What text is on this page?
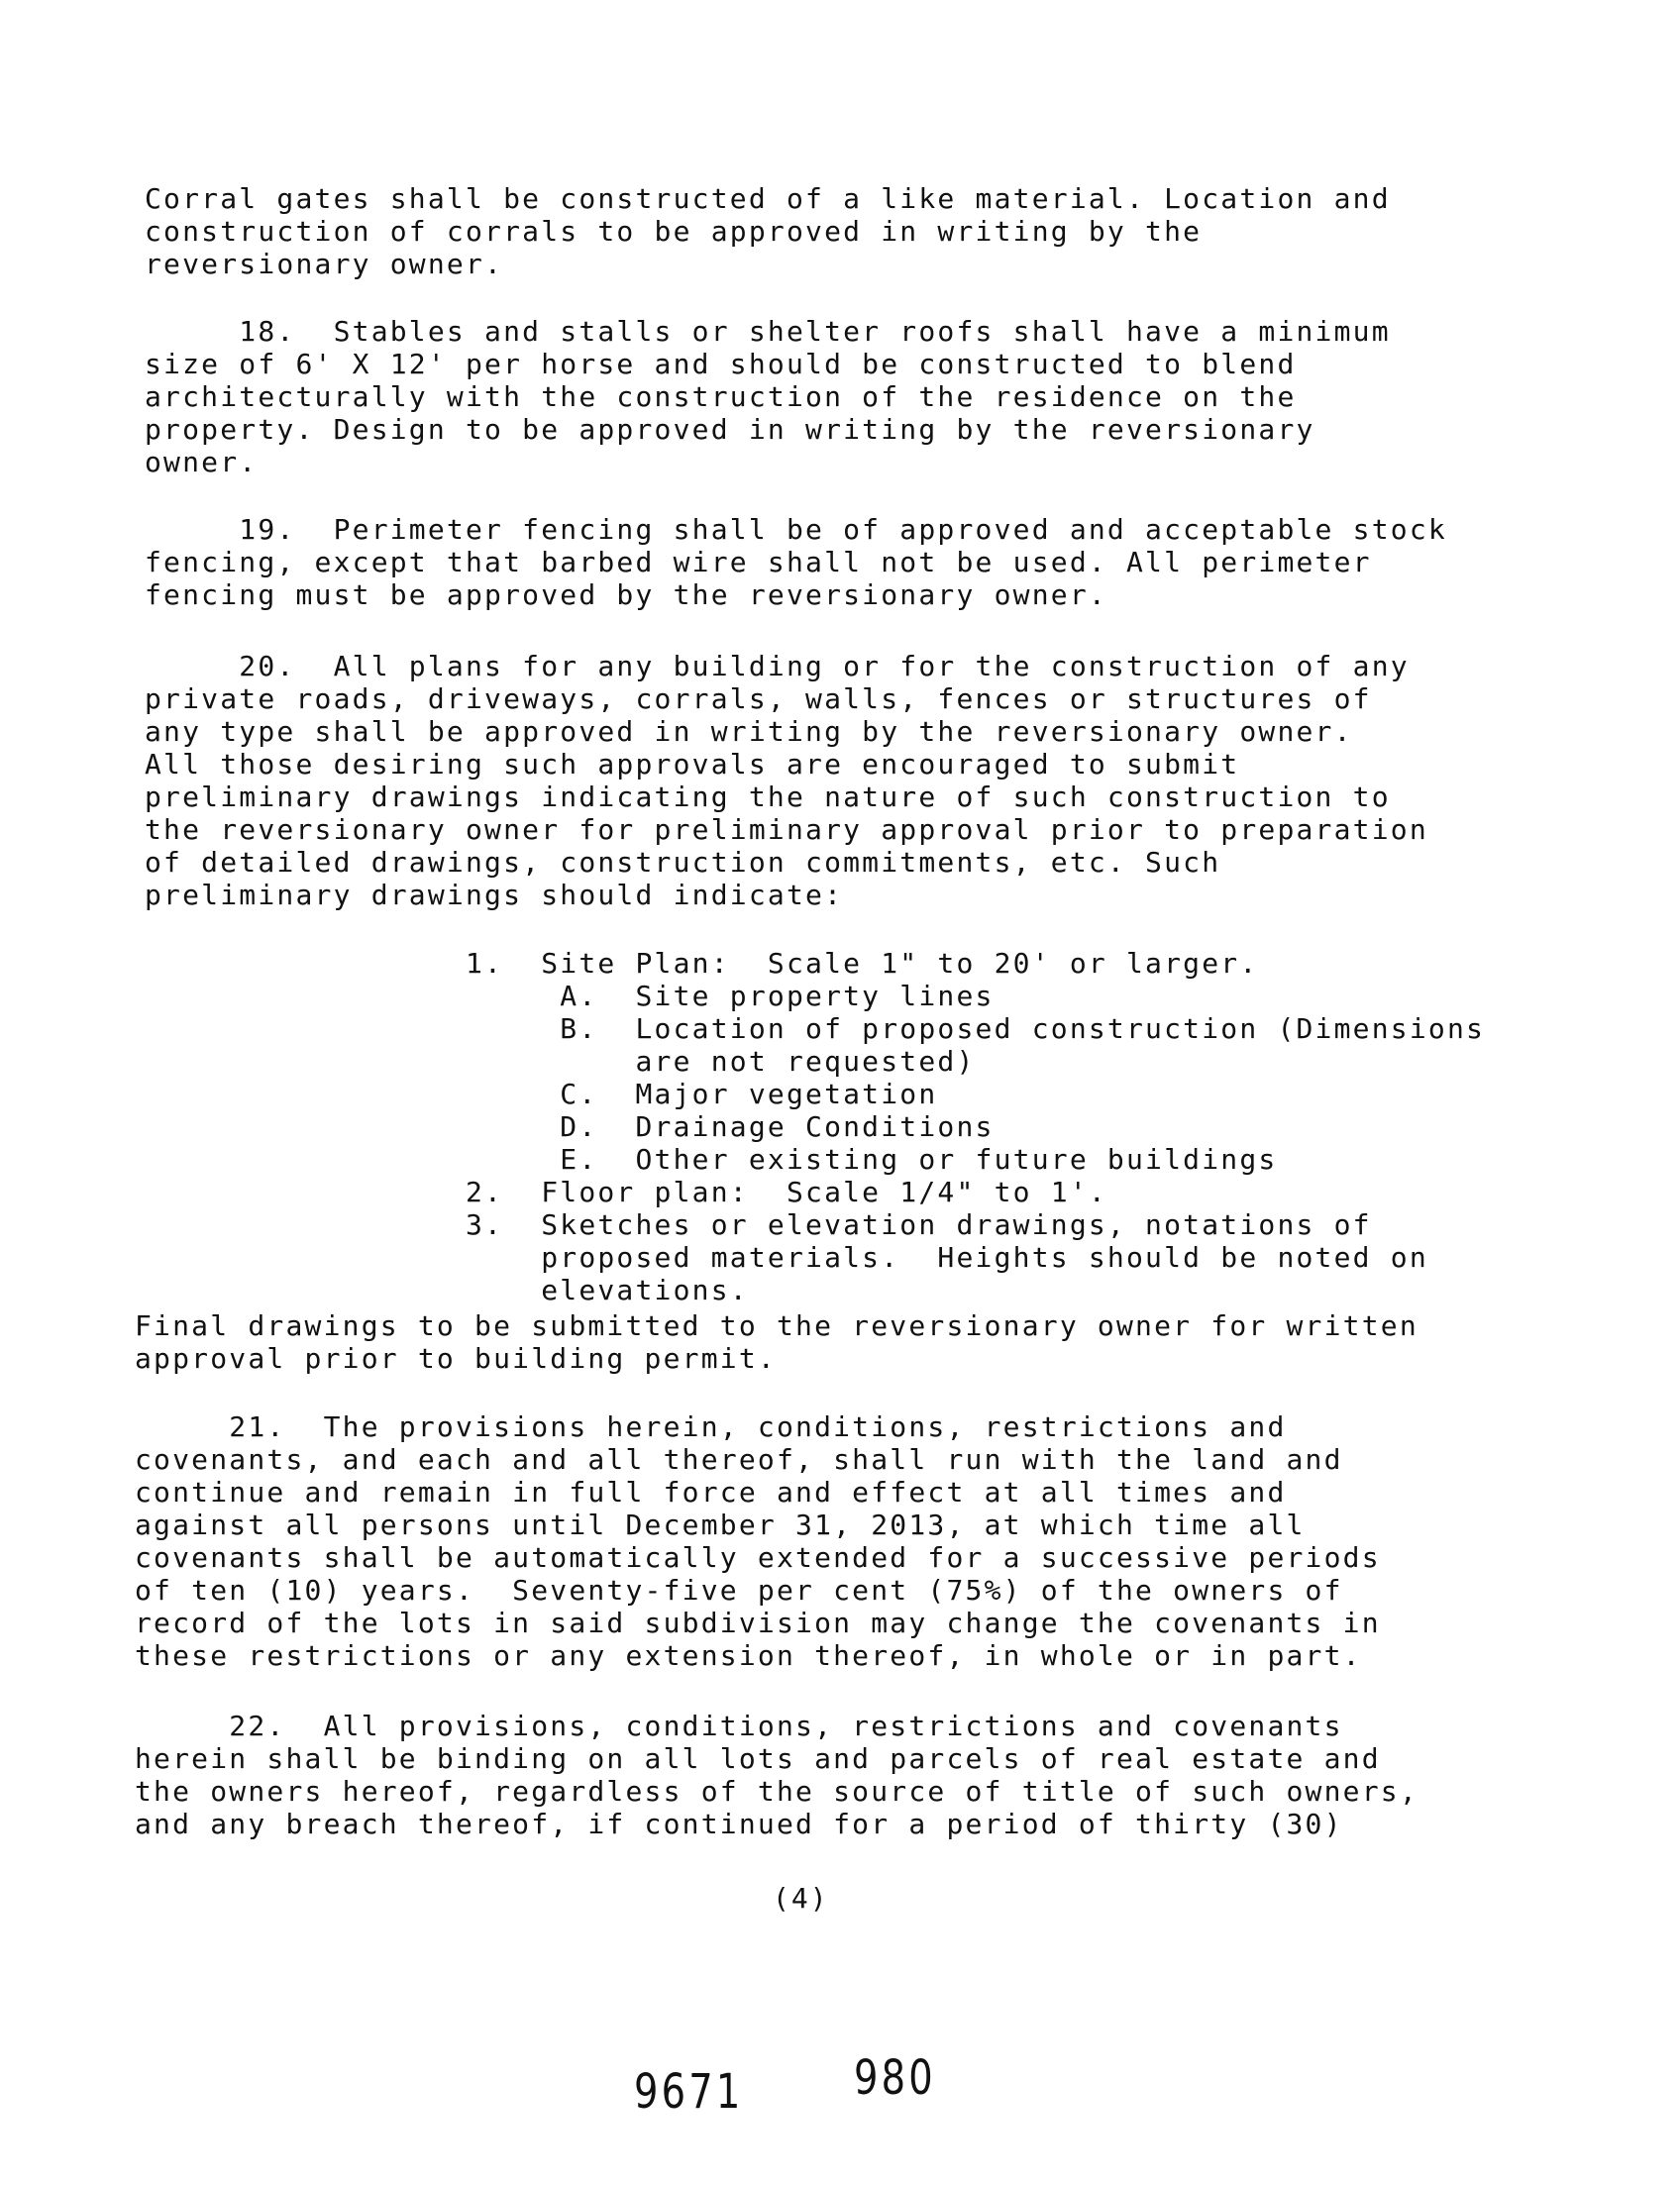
Corral gates shall be constructed of a like material. Location and
construction of corrals to be approved in writing by the
reversionary owner.
18.  Stables and stalls or shelter roofs shall have a minimum
size of 6' X 12' per horse and should be constructed to blend
architecturally with the construction of the residence on the
property. Design to be approved in writing by the reversionary
owner.
19.  Perimeter fencing shall be of approved and acceptable stock
fencing, except that barbed wire shall not be used. All perimeter
fencing must be approved by the reversionary owner.
20.  All plans for any building or for the construction of any
private roads, driveways, corrals, walls, fences or structures of
any type shall be approved in writing by the reversionary owner.
All those desiring such approvals are encouraged to submit
preliminary drawings indicating the nature of such construction to
the reversionary owner for preliminary approval prior to preparation
of detailed drawings, construction commitments, etc. Such
preliminary drawings should indicate:
1.  Site Plan:  Scale 1" to 20' or larger.
A.  Site property lines
B.  Location of proposed construction (Dimensions
are not requested)
C.  Major vegetation
D.  Drainage Conditions
E.  Other existing or future buildings
2.  Floor plan:  Scale 1/4" to 1'.
3.  Sketches or elevation drawings, notations of
proposed materials.  Heights should be noted on
elevations.
Final drawings to be submitted to the reversionary owner for written
approval prior to building permit.
21.  The provisions herein, conditions, restrictions and
covenants, and each and all thereof, shall run with the land and
continue and remain in full force and effect at all times and
against all persons until December 31, 2013, at which time all
covenants shall be automatically extended for a successive periods
of ten (10) years.  Seventy-five per cent (75%) of the owners of
record of the lots in said subdivision may change the covenants in
these restrictions or any extension thereof, in whole or in part.
22.  All provisions, conditions, restrictions and covenants
herein shall be binding on all lots and parcels of real estate and
the owners hereof, regardless of the source of title of such owners,
and any breach thereof, if continued for a period of thirty (30)
(4)
9671 980
